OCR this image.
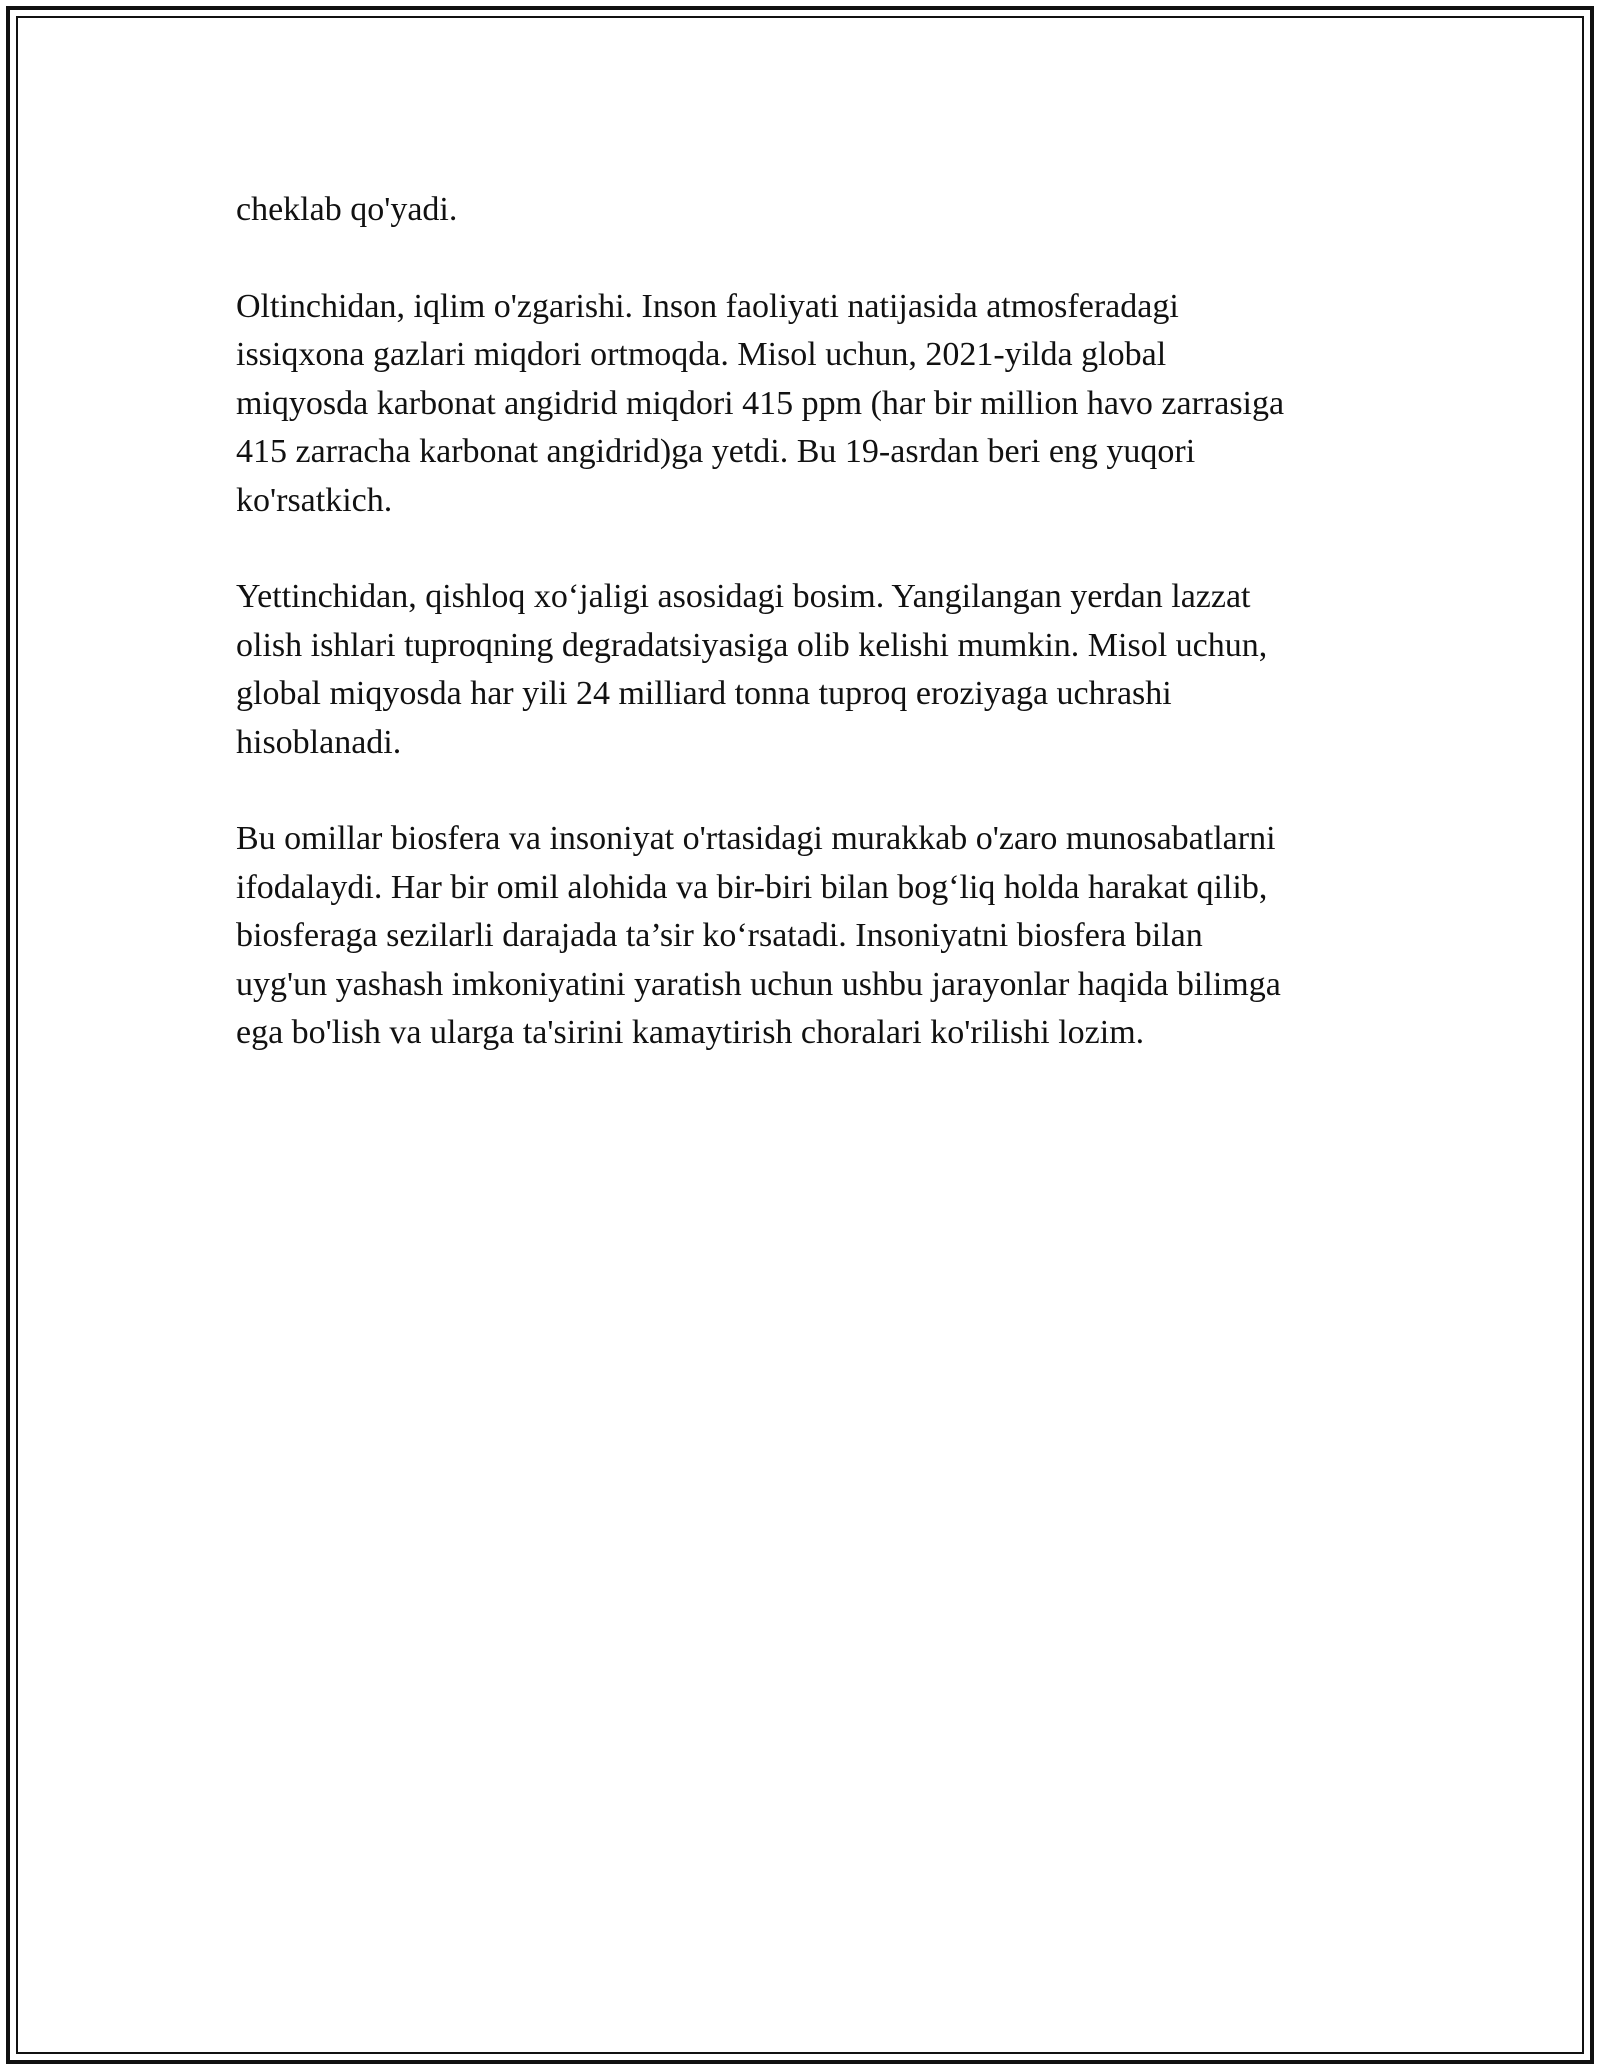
cheklab qo'yadi.

Oltinchidan, iqlim o'zgarishi. Inson faoliyati natijasida atmosferadagi
issiqxona gazlari miqdori ortmoqda. Misol uchun, 2021-yilda global
miqyosda karbonat angidrid miqdori 415 ppm (har bir million havo zarrasiga
415 zarracha karbonat angidrid)ga yetdi. Bu 19-asrdan beri eng yuqori
ko'rsatkich.

Yettinchidan, qishloq xo‘jaligi asosidagi bosim. Yangilangan yerdan lazzat
olish ishlari tuproqning degradatsiyasiga olib kelishi mumkin. Misol uchun,
global miqyosda har yili 24 milliard tonna tuproq eroziyaga uchrashi
hisoblanadi.

Bu omillar biosfera va insoniyat o'rtasidagi murakkab o'zaro munosabatlarni
ifodalaydi. Har bir omil alohida va bir-biri bilan bog‘liq holda harakat qilib,
biosferaga sezilarli darajada ta’sir ko‘rsatadi. Insoniyatni biosfera bilan
uyg'un yashash imkoniyatini yaratish uchun ushbu jarayonlar haqida bilimga
ega bo'lish va ularga ta'sirini kamaytirish choralari ko'rilishi lozim.
